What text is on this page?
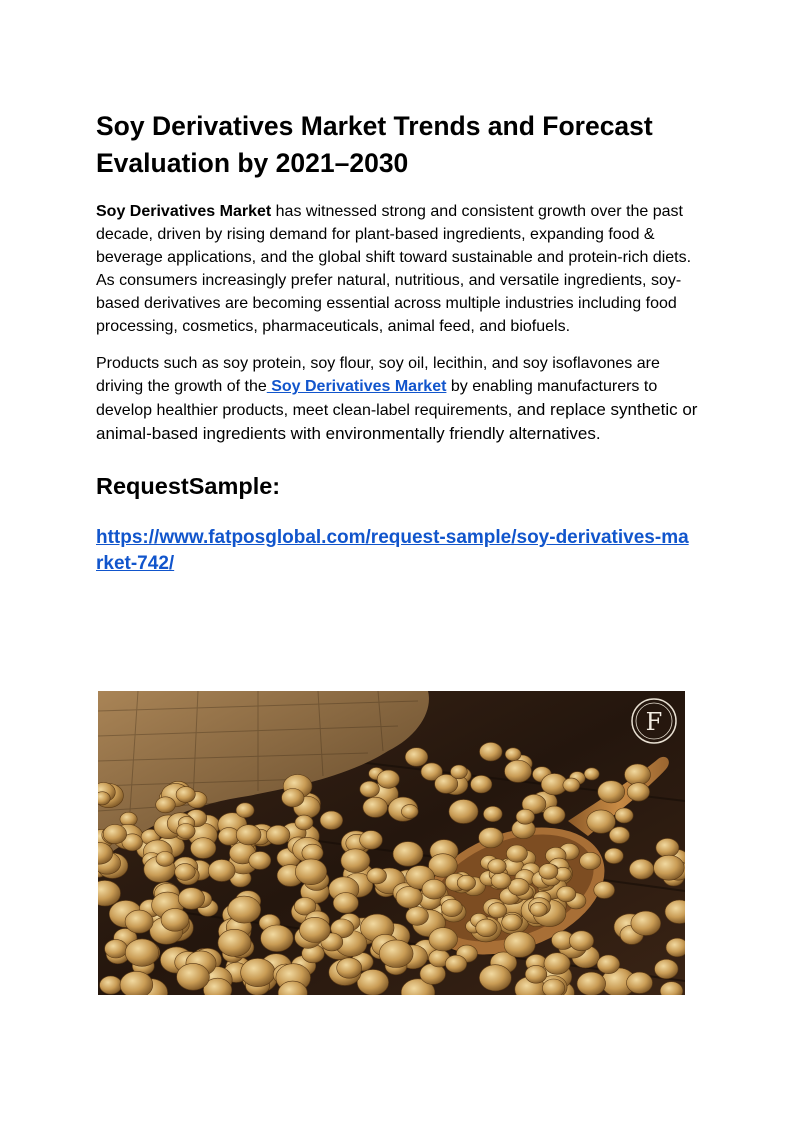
Soy Derivatives Market Trends and Forecast Evaluation by 2021–2030

Soy Derivatives Market has witnessed strong and consistent growth over the past decade, driven by rising demand for plant-based ingredients, expanding food & beverage applications, and the global shift toward sustainable and protein-rich diets. As consumers increasingly prefer natural, nutritious, and versatile ingredients, soy-based derivatives are becoming essential across multiple industries including food processing, cosmetics, pharmaceuticals, animal feed, and biofuels.

Products such as soy protein, soy flour, soy oil, lecithin, and soy isoflavones are driving the growth of the Soy Derivatives Market by enabling manufacturers to develop healthier products, meet clean-label requirements, and replace synthetic or animal-based ingredients with environmentally friendly alternatives.

RequestSample:
https://www.fatposglobal.com/request-sample/soy-derivatives-market-742/
F
